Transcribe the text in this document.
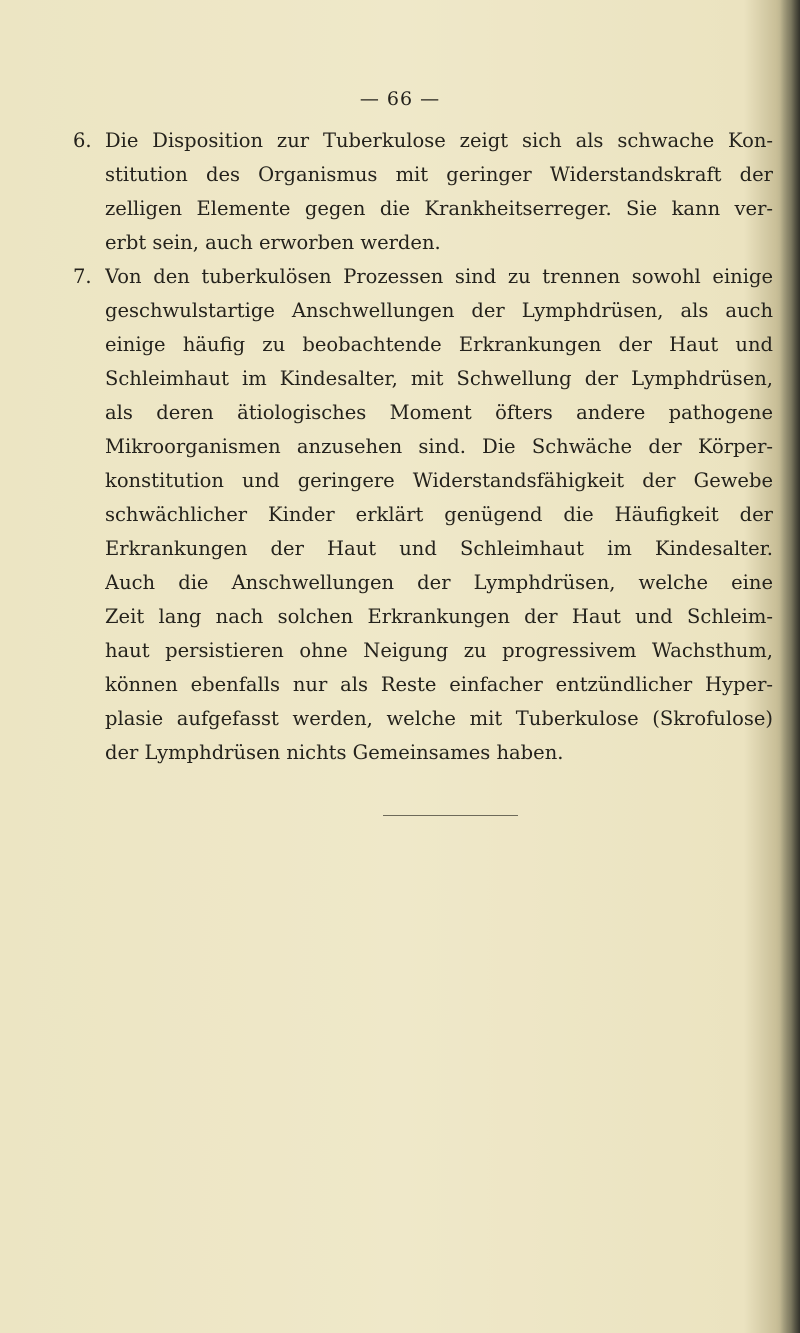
— 66 —
6. Die Disposition zur Tuberkulose zeigt sich als schwache Kon-
stitution des Organismus mit geringer Widerstandskraft der
zelligen Elemente gegen die Krankheitserreger. Sie kann ver-
erbt sein, auch erworben werden.
7. Von den tuberkulösen Prozessen sind zu trennen sowohl einige
geschwulstartige Anschwellungen der Lymphdrüsen, als auch
einige häufig zu beobachtende Erkrankungen der Haut und
Schleimhaut im Kindesalter, mit Schwellung der Lymphdrüsen,
als deren ätiologisches Moment öfters andere pathogene
Mikroorganismen anzusehen sind. Die Schwäche der Körper-
konstitution und geringere Widerstandsfähigkeit der Gewebe
schwächlicher Kinder erklärt genügend die Häufigkeit der
Erkrankungen der Haut und Schleimhaut im Kindesalter.
Auch die Anschwellungen der Lymphdrüsen, welche eine
Zeit lang nach solchen Erkrankungen der Haut und Schleim-
haut persistieren ohne Neigung zu progressivem Wachsthum,
können ebenfalls nur als Reste einfacher entzündlicher Hyper-
plasie aufgefasst werden, welche mit Tuberkulose (Skrofulose)
der Lymphdrüsen nichts Gemeinsames haben.
